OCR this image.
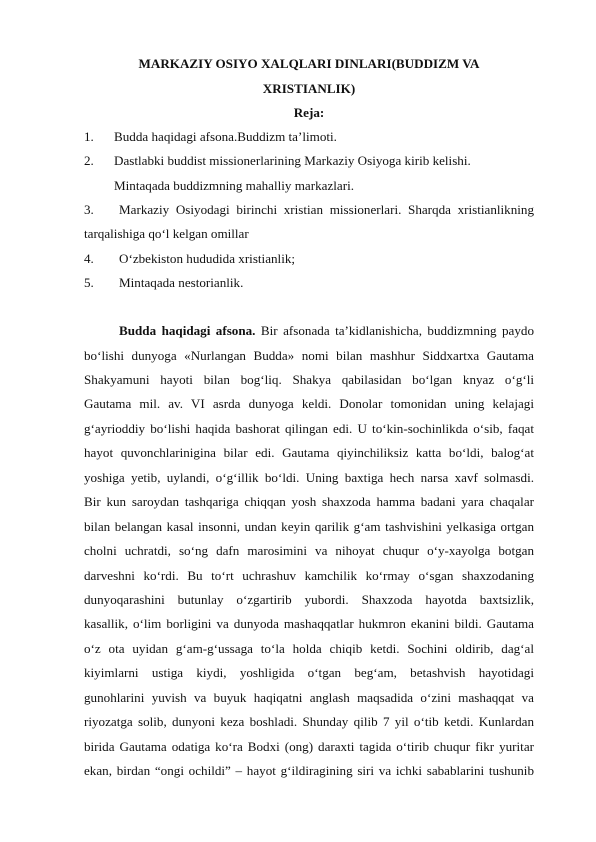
MARKAZIY OSIYO XALQLARI DINLARI(BUDDIZM VA
XRISTIANLIK)
Reja:
1. Budda haqidagi afsona.Buddizm ta’limoti.
2. Dastlabki buddist missionerlarining Markaziy Osiyoga kirib kelishi.
Mintaqada buddizmning mahalliy markazlari.
3. Markaziy Osiyodagi birinchi xristian missionerlari. Sharqda xristianlikning
tarqalishiga qo‘l kelgan omillar
4. O‘zbekiston hududida xristianlik;
5. Mintaqada nestorianlik.
Budda haqidagi afsona. Bir afsonada ta’kidlanishicha, buddizmning paydo
bo‘lishi dunyoga «Nurlangan Budda» nomi bilan mashhur Siddxartxa Gautama
Shakyamuni hayoti bilan bog‘liq. Shakya qabilasidan bo‘lgan knyaz o‘g‘li
Gautama mil. av. VI asrda dunyoga keldi. Donolar tomonidan uning kelajagi
g‘ayrioddiy bo‘lishi haqida bashorat qilingan edi. U to‘kin-sochinlikda o‘sib, faqat
hayot quvonchlarinigina bilar edi. Gautama qiyinchiliksiz katta bo‘ldi, balog‘at
yoshiga yetib, uylandi, o‘g‘illik bo‘ldi. Uning baxtiga hech narsa xavf solmasdi.
Bir kun saroydan tashqariga chiqqan yosh shaxzoda hamma badani yara chaqalar
bilan belangan kasal insonni, undan keyin qarilik g‘am tashvishini yelkasiga ortgan
cholni uchratdi, so‘ng dafn marosimini va nihoyat chuqur o‘y-xayolga botgan
darveshni ko‘rdi. Bu to‘rt uchrashuv kamchilik ko‘rmay o‘sgan shaxzodaning
dunyoqarashini butunlay o‘zgartirib yubordi. Shaxzoda hayotda baxtsizlik,
kasallik, o‘lim borligini va dunyoda mashaqqatlar hukmron ekanini bildi. Gautama
o‘z ota uyidan g‘am-g‘ussaga to‘la holda chiqib ketdi. Sochini oldirib, dag‘al
kiyimlarni ustiga kiydi, yoshligida o‘tgan beg‘am, betashvish hayotidagi
gunohlarini yuvish va buyuk haqiqatni anglash maqsadida o‘zini mashaqqat va
riyozatga solib, dunyoni keza boshladi. Shunday qilib 7 yil o‘tib ketdi. Kunlardan
birida Gautama odatiga ko‘ra Bodxi (ong) daraxti tagida o‘tirib chuqur fikr yuritar
ekan, birdan “ongi ochildi” – hayot g‘ildiragining siri va ichki sabablarini tushunib
